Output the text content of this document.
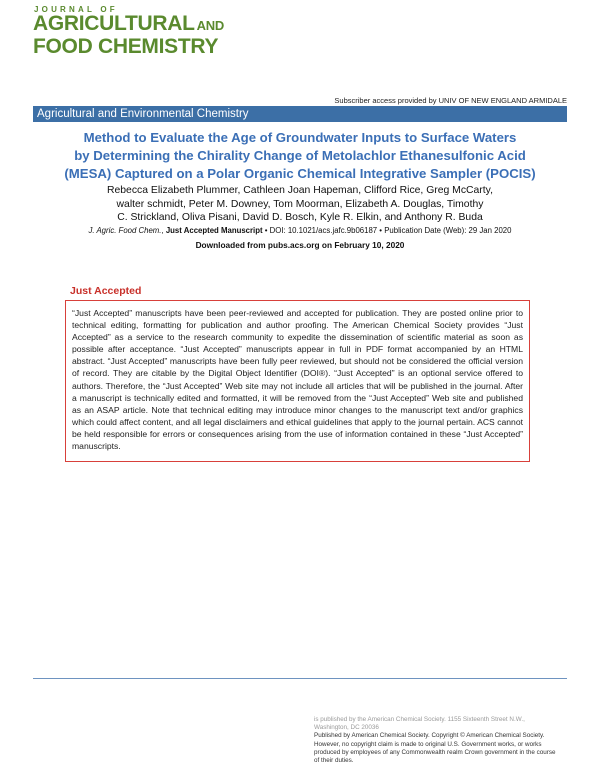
JOURNAL OF
AGRICULTURAL AND
FOOD CHEMISTRY
Subscriber access provided by UNIV OF NEW ENGLAND ARMIDALE
Agricultural and Environmental Chemistry
Method to Evaluate the Age of Groundwater Inputs to Surface Waters
by Determining the Chirality Change of Metolachlor Ethanesulfonic Acid
(MESA) Captured on a Polar Organic Chemical Integrative Sampler (POCIS)
Rebecca Elizabeth Plummer, Cathleen Joan Hapeman, Clifford Rice, Greg McCarty,
walter schmidt, Peter M. Downey, Tom Moorman, Elizabeth A. Douglas, Timothy
C. Strickland, Oliva Pisani, David D. Bosch, Kyle R. Elkin, and Anthony R. Buda
J. Agric. Food Chem., Just Accepted Manuscript • DOI: 10.1021/acs.jafc.9b06187 • Publication Date (Web): 29 Jan 2020
Downloaded from pubs.acs.org on February 10, 2020
Just Accepted

“Just Accepted” manuscripts have been peer-reviewed and accepted for publication. They are posted online prior to technical editing, formatting for publication and author proofing. The American Chemical Society provides “Just Accepted” as a service to the research community to expedite the dissemination of scientific material as soon as possible after acceptance. “Just Accepted” manuscripts appear in full in PDF format accompanied by an HTML abstract. “Just Accepted” manuscripts have been fully peer reviewed, but should not be considered the official version of record. They are citable by the Digital Object Identifier (DOI®). “Just Accepted” is an optional service offered to authors. Therefore, the “Just Accepted” Web site may not include all articles that will be published in the journal. After a manuscript is technically edited and formatted, it will be removed from the “Just Accepted” Web site and published as an ASAP article. Note that technical editing may introduce minor changes to the manuscript text and/or graphics which could affect content, and all legal disclaimers and ethical guidelines that apply to the journal pertain. ACS cannot be held responsible for errors or consequences arising from the use of information contained in these “Just Accepted” manuscripts.

is published by the American Chemical Society. 1155 Sixteenth Street N.W.,
Washington, DC 20036
Published by American Chemical Society. Copyright © American Chemical Society.
However, no copyright claim is made to original U.S. Government works, or works
produced by employees of any Commonwealth realm Crown government in the course
of their duties.
